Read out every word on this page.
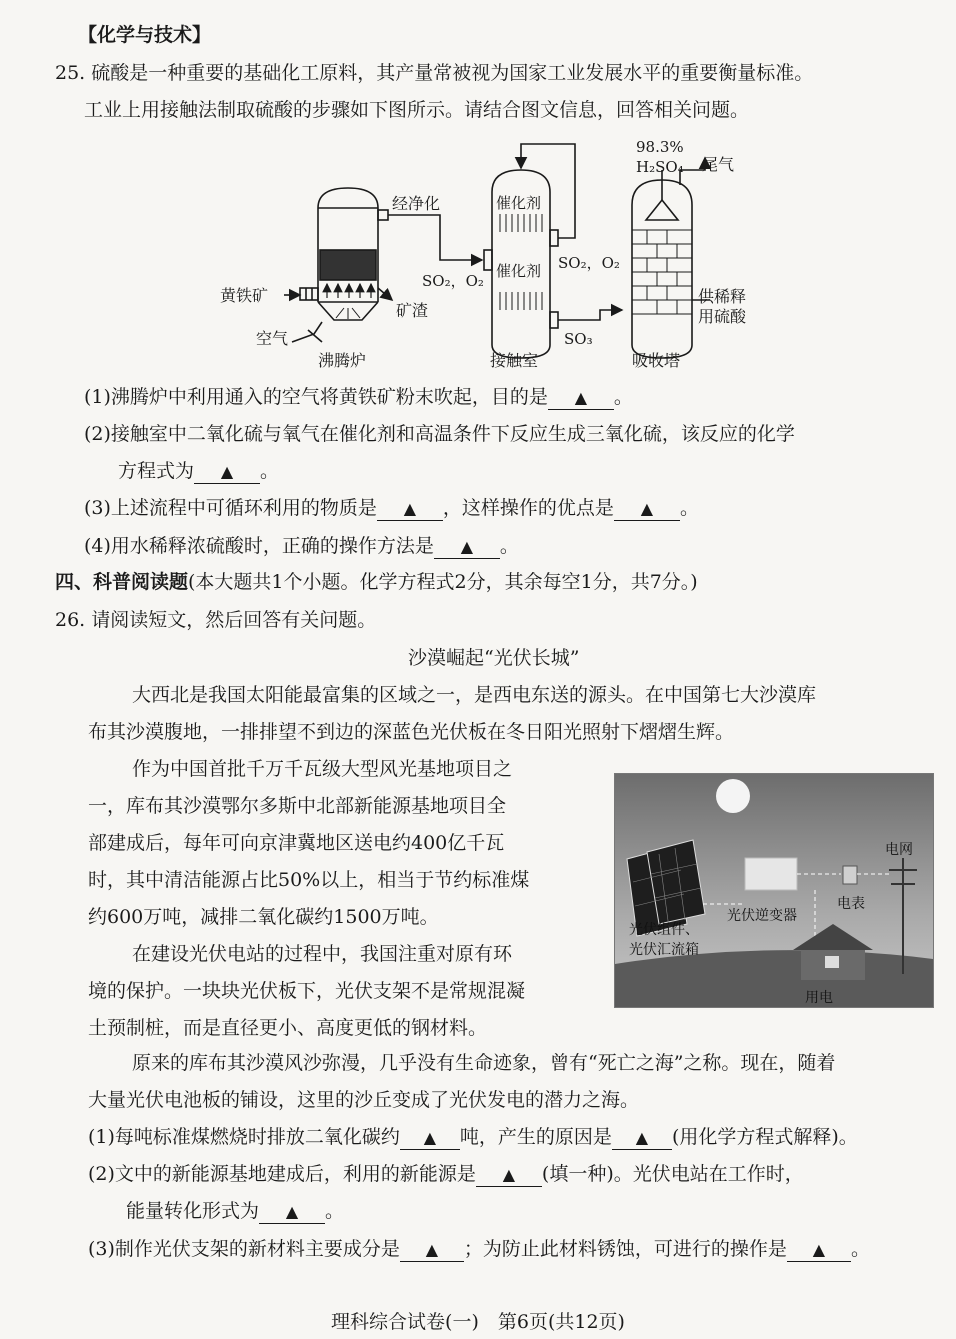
【化学与技术】
25. 硫酸是一种重要的基础化工原料，其产量常被视为国家工业发展水平的重要衡量标准。
工业上用接触法制取硫酸的步骤如下图所示。请结合图文信息，回答相关问题。
经净化
黄铁矿
空气
矿渣
沸腾炉
催化剂
催化剂
SO₂，O₂
SO₂，O₂
SO₃
接触室
98.3%
H₂SO₄ 尾气
供稀释
用硫酸
吸收塔
(1)沸腾炉中利用通入的空气将黄铁矿粉末吹起，目的是 ▲ 。
(2)接触室中二氧化硫与氧气在催化剂和高温条件下反应生成三氧化硫，该反应的化学
方程式为 ▲ 。
(3)上述流程中可循环利用的物质是 ▲ ，这样操作的优点是 ▲ 。
(4)用水稀释浓硫酸时，正确的操作方法是 ▲ 。
四、科普阅读题(本大题共1个小题。化学方程式2分，其余每空1分，共7分。)
26. 请阅读短文，然后回答有关问题。
沙漠崛起“光伏长城”
大西北是我国太阳能最富集的区域之一，是西电东送的源头。在中国第七大沙漠库
布其沙漠腹地，一排排望不到边的深蓝色光伏板在冬日阳光照射下熠熠生辉。
作为中国首批千万千瓦级大型风光基地项目之
一，库布其沙漠鄂尔多斯中北部新能源基地项目全
部建成后，每年可向京津冀地区送电约400亿千瓦
时，其中清洁能源占比50%以上，相当于节约标准煤
约600万吨，减排二氧化碳约1500万吨。
在建设光伏电站的过程中，我国注重对原有环
境的保护。一块块光伏板下，光伏支架不是常规混凝
土预制桩，而是直径更小、高度更低的钢材料。
电网
电表
光伏逆变器
光伏组件、
光伏汇流箱
用电
原来的库布其沙漠风沙弥漫，几乎没有生命迹象，曾有“死亡之海”之称。现在，随着
大量光伏电池板的铺设，这里的沙丘变成了光伏发电的潜力之海。
(1)每吨标准煤燃烧时排放二氧化碳约 ▲ 吨，产生的原因是 ▲ (用化学方程式解释)。
(2)文中的新能源基地建成后，利用的新能源是 ▲ (填一种)。光伏电站在工作时，
能量转化形式为 ▲ 。
(3)制作光伏支架的新材料主要成分是 ▲ ；为防止此材料锈蚀，可进行的操作是 ▲ 。
理科综合试卷(一)　第6页(共12页)
